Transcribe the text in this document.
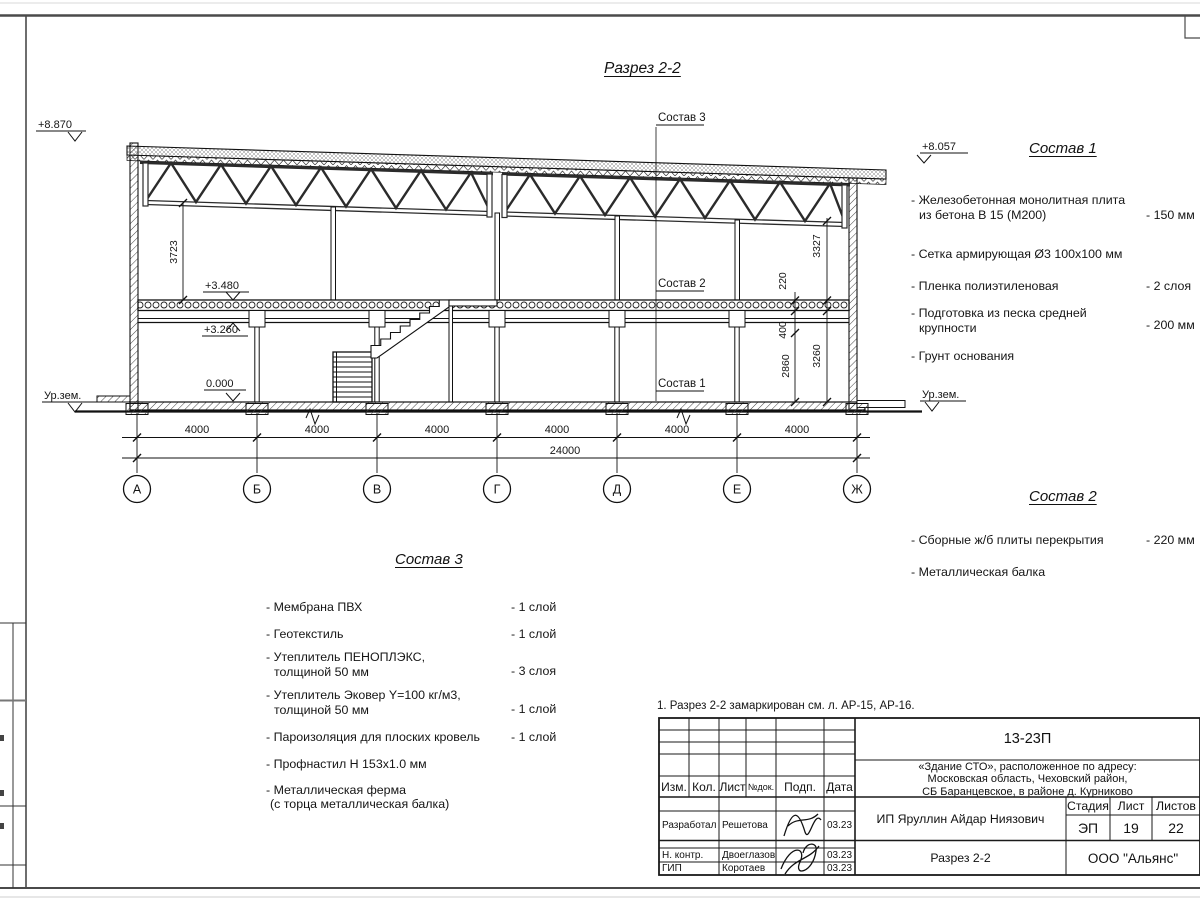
4000	4000	4000	4000	4000	4000
24000
А	Б	В	Г	Д	Е	Ж
3723
220
400
2860
3327
3260
+8.870
Ур.зем.
+3.480
+3.260
0.000
+8.057
Ур.зем.
Состав 3
Состав 2
Состав 1
Разрез 2-2
Состав 1
- Железобетонная монолитная плита
из бетона В 15 (М200)	- 150 мм
- Сетка армирующая Ø3 100х100 мм
- Пленка полиэтиленовая	- 2 слоя
- Подготовка из песка средней
крупности	- 200 мм
- Грунт основания
Состав 2
- Сборные ж/б плиты перекрытия	- 220 мм
- Металлическая балка
Состав 3
- Мембрана ПВХ	- 1 слой
- Геотекстиль	- 1 слой
- Утеплитель ПЕНОПЛЭКС,
толщиной 50 мм	- 3 слоя
- Утеплитель Эковер Y=100 кг/м3,
толщиной 50 мм	- 1 слой
- Пароизоляция для плоских кровель	- 1 слой
- Профнастил Н 153х1.0 мм
- Металлическая ферма
(с торца металлическая балка)
1. Разрез 2-2 замаркирован см. л. АР-15, АР-16.
13-23П
«Здание СТО», расположенное по адресу:
Московская область, Чеховский район,
СБ Баранцевское, в районе д. Курниково
Изм. Кол. Лист №док. Подп. Дата
Разработал Решетова	03.23
Н. контр.	Двоеглазов	03.23
ГИП	Коротаев	03.23
ИП Яруллин Айдар Ниязович
Стадия Лист Листов
ЭП	19	22
Разрез 2-2	ООО "Альянс"
